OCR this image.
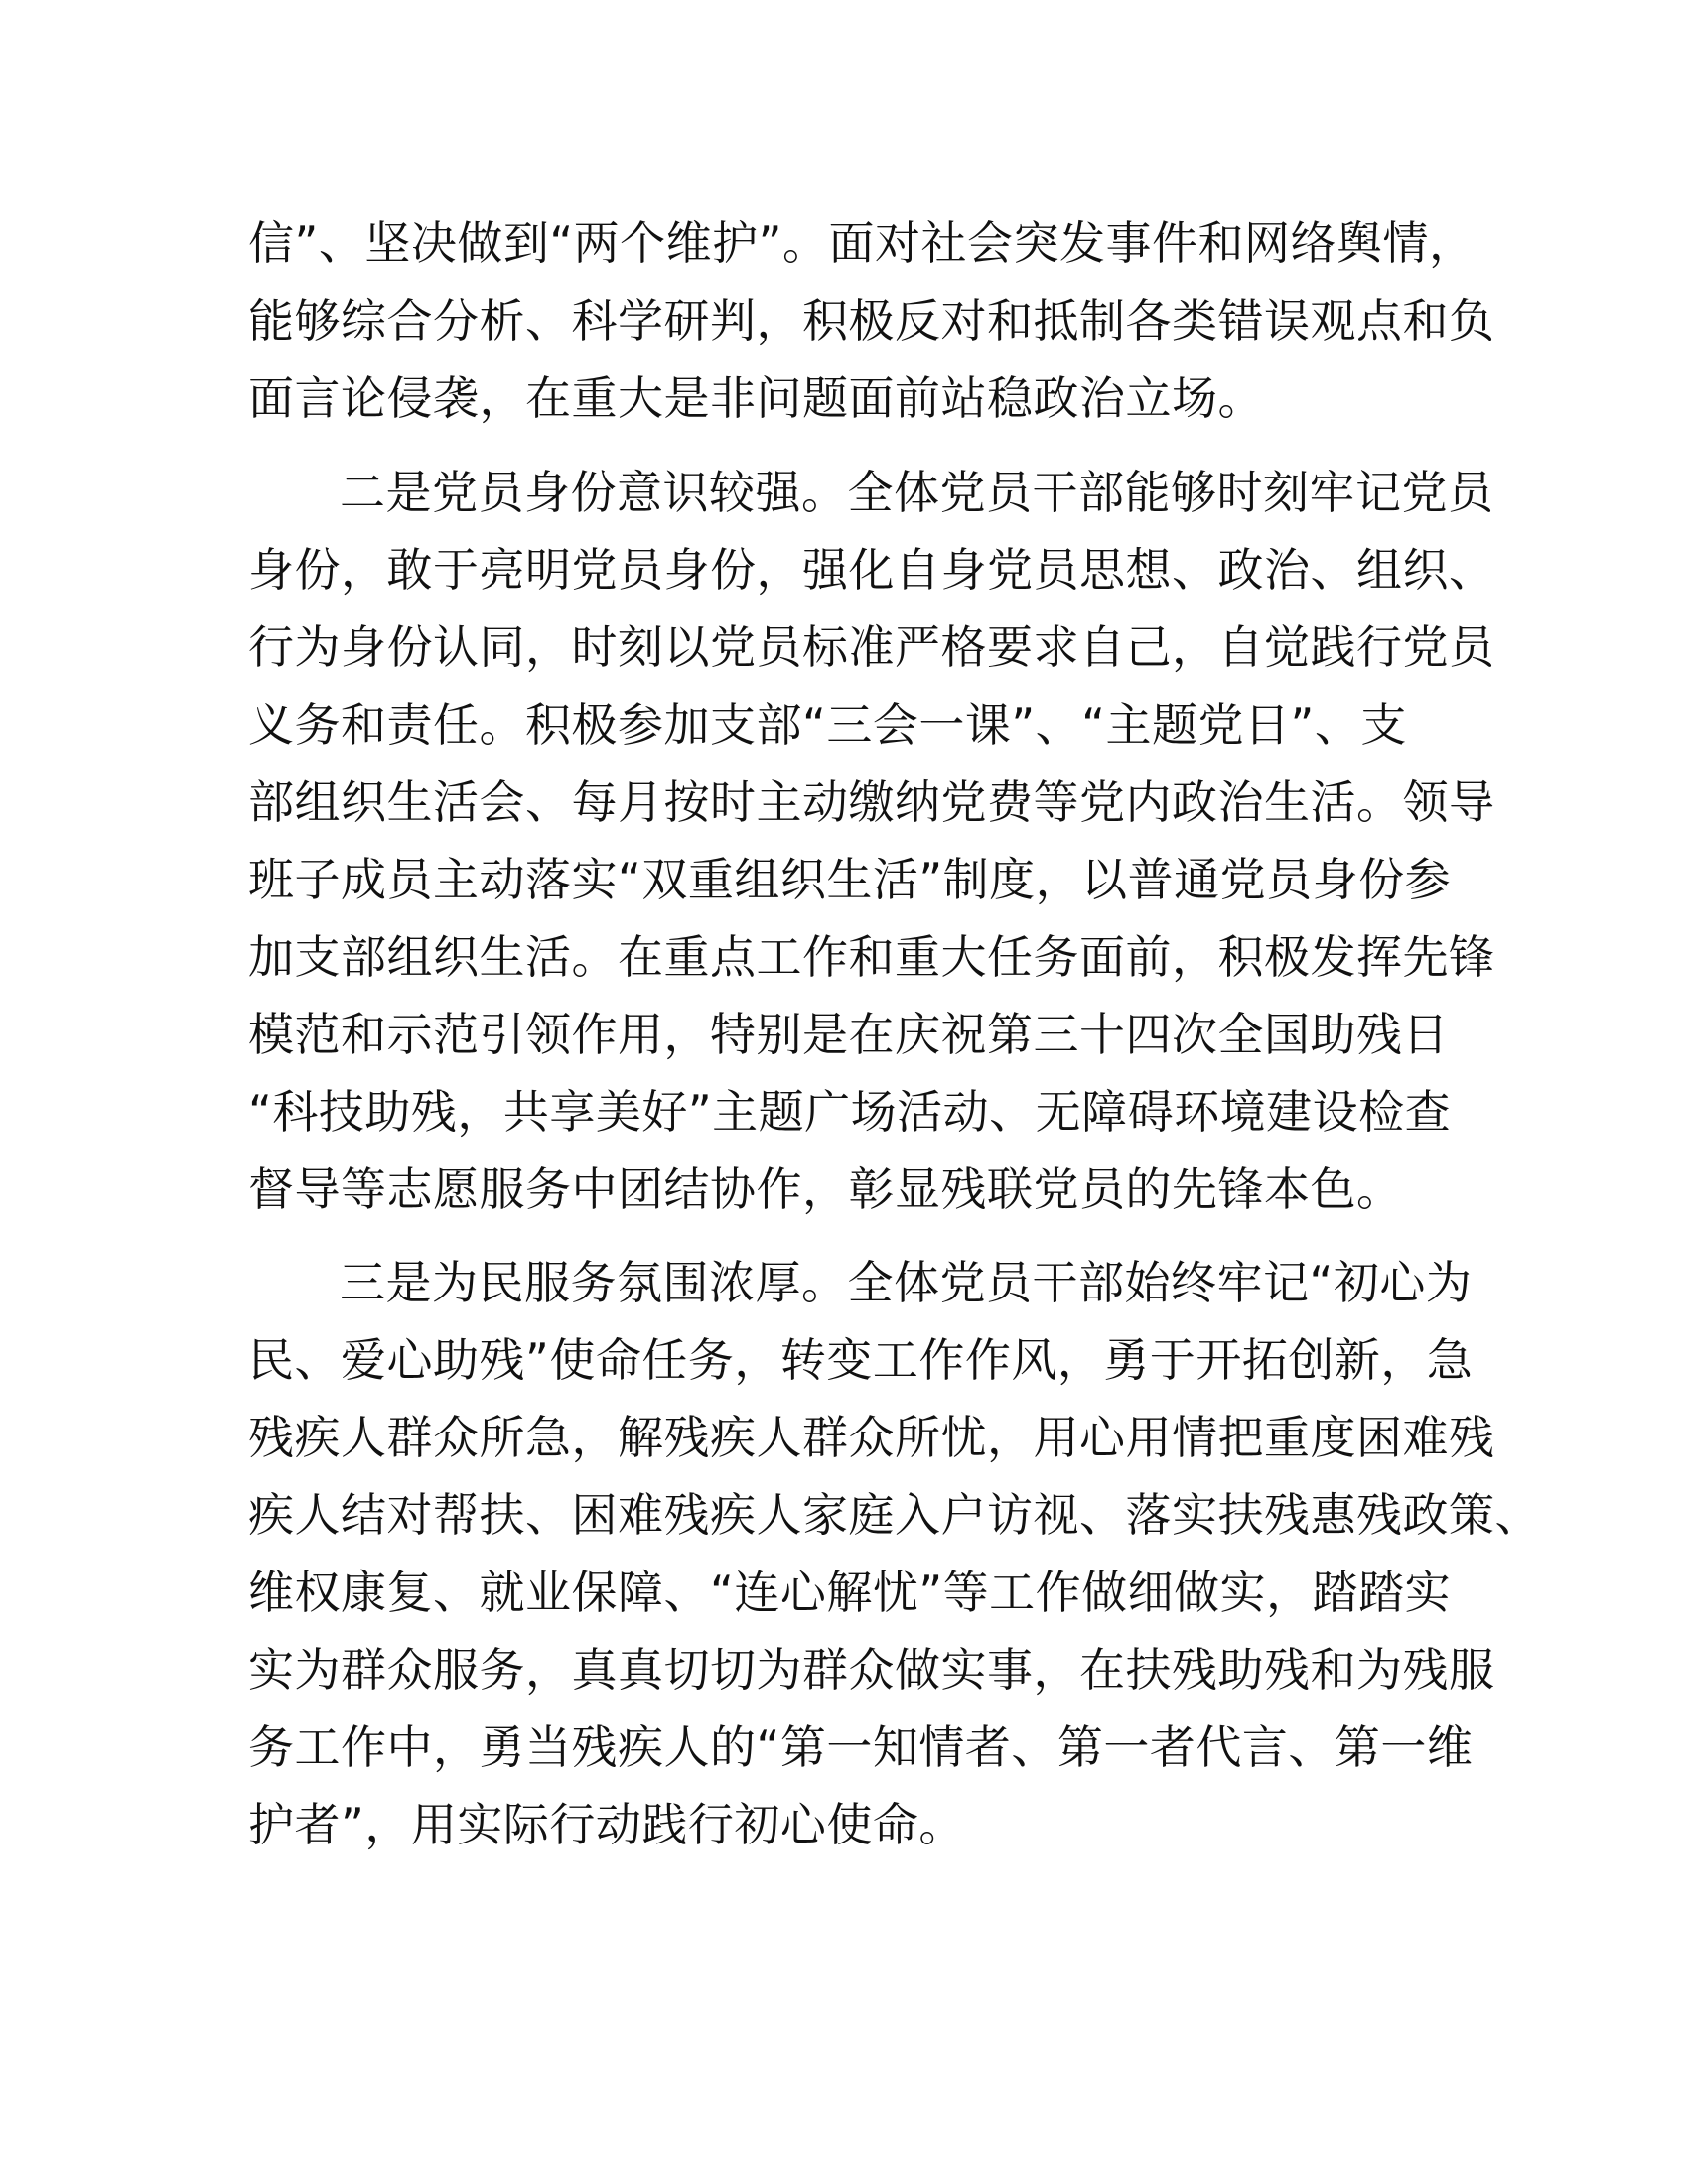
信”、坚决做到“两个维护”。面对社会突发事件和网络舆情，
能够综合分析、科学研判，积极反对和抵制各类错误观点和负
面言论侵袭，在重大是非问题面前站稳政治立场。
二是党员身份意识较强。全体党员干部能够时刻牢记党员
身份，敢于亮明党员身份，强化自身党员思想、政治、组织、
行为身份认同，时刻以党员标准严格要求自己，自觉践行党员
义务和责任。积极参加支部“三会一课”、“主题党日”、支
部组织生活会、每月按时主动缴纳党费等党内政治生活。领导
班子成员主动落实“双重组织生活”制度，以普通党员身份参
加支部组织生活。在重点工作和重大任务面前，积极发挥先锋
模范和示范引领作用，特别是在庆祝第三十四次全国助残日
“科技助残，共享美好”主题广场活动、无障碍环境建设检查
督导等志愿服务中团结协作，彰显残联党员的先锋本色。
三是为民服务氛围浓厚。全体党员干部始终牢记“初心为
民、爱心助残”使命任务，转变工作作风，勇于开拓创新，急
残疾人群众所急，解残疾人群众所忧，用心用情把重度困难残
疾人结对帮扶、困难残疾人家庭入户访视、落实扶残惠残政策、
维权康复、就业保障、“连心解忧”等工作做细做实，踏踏实
实为群众服务，真真切切为群众做实事，在扶残助残和为残服
务工作中，勇当残疾人的“第一知情者、第一者代言、第一维
护者”，用实际行动践行初心使命。
